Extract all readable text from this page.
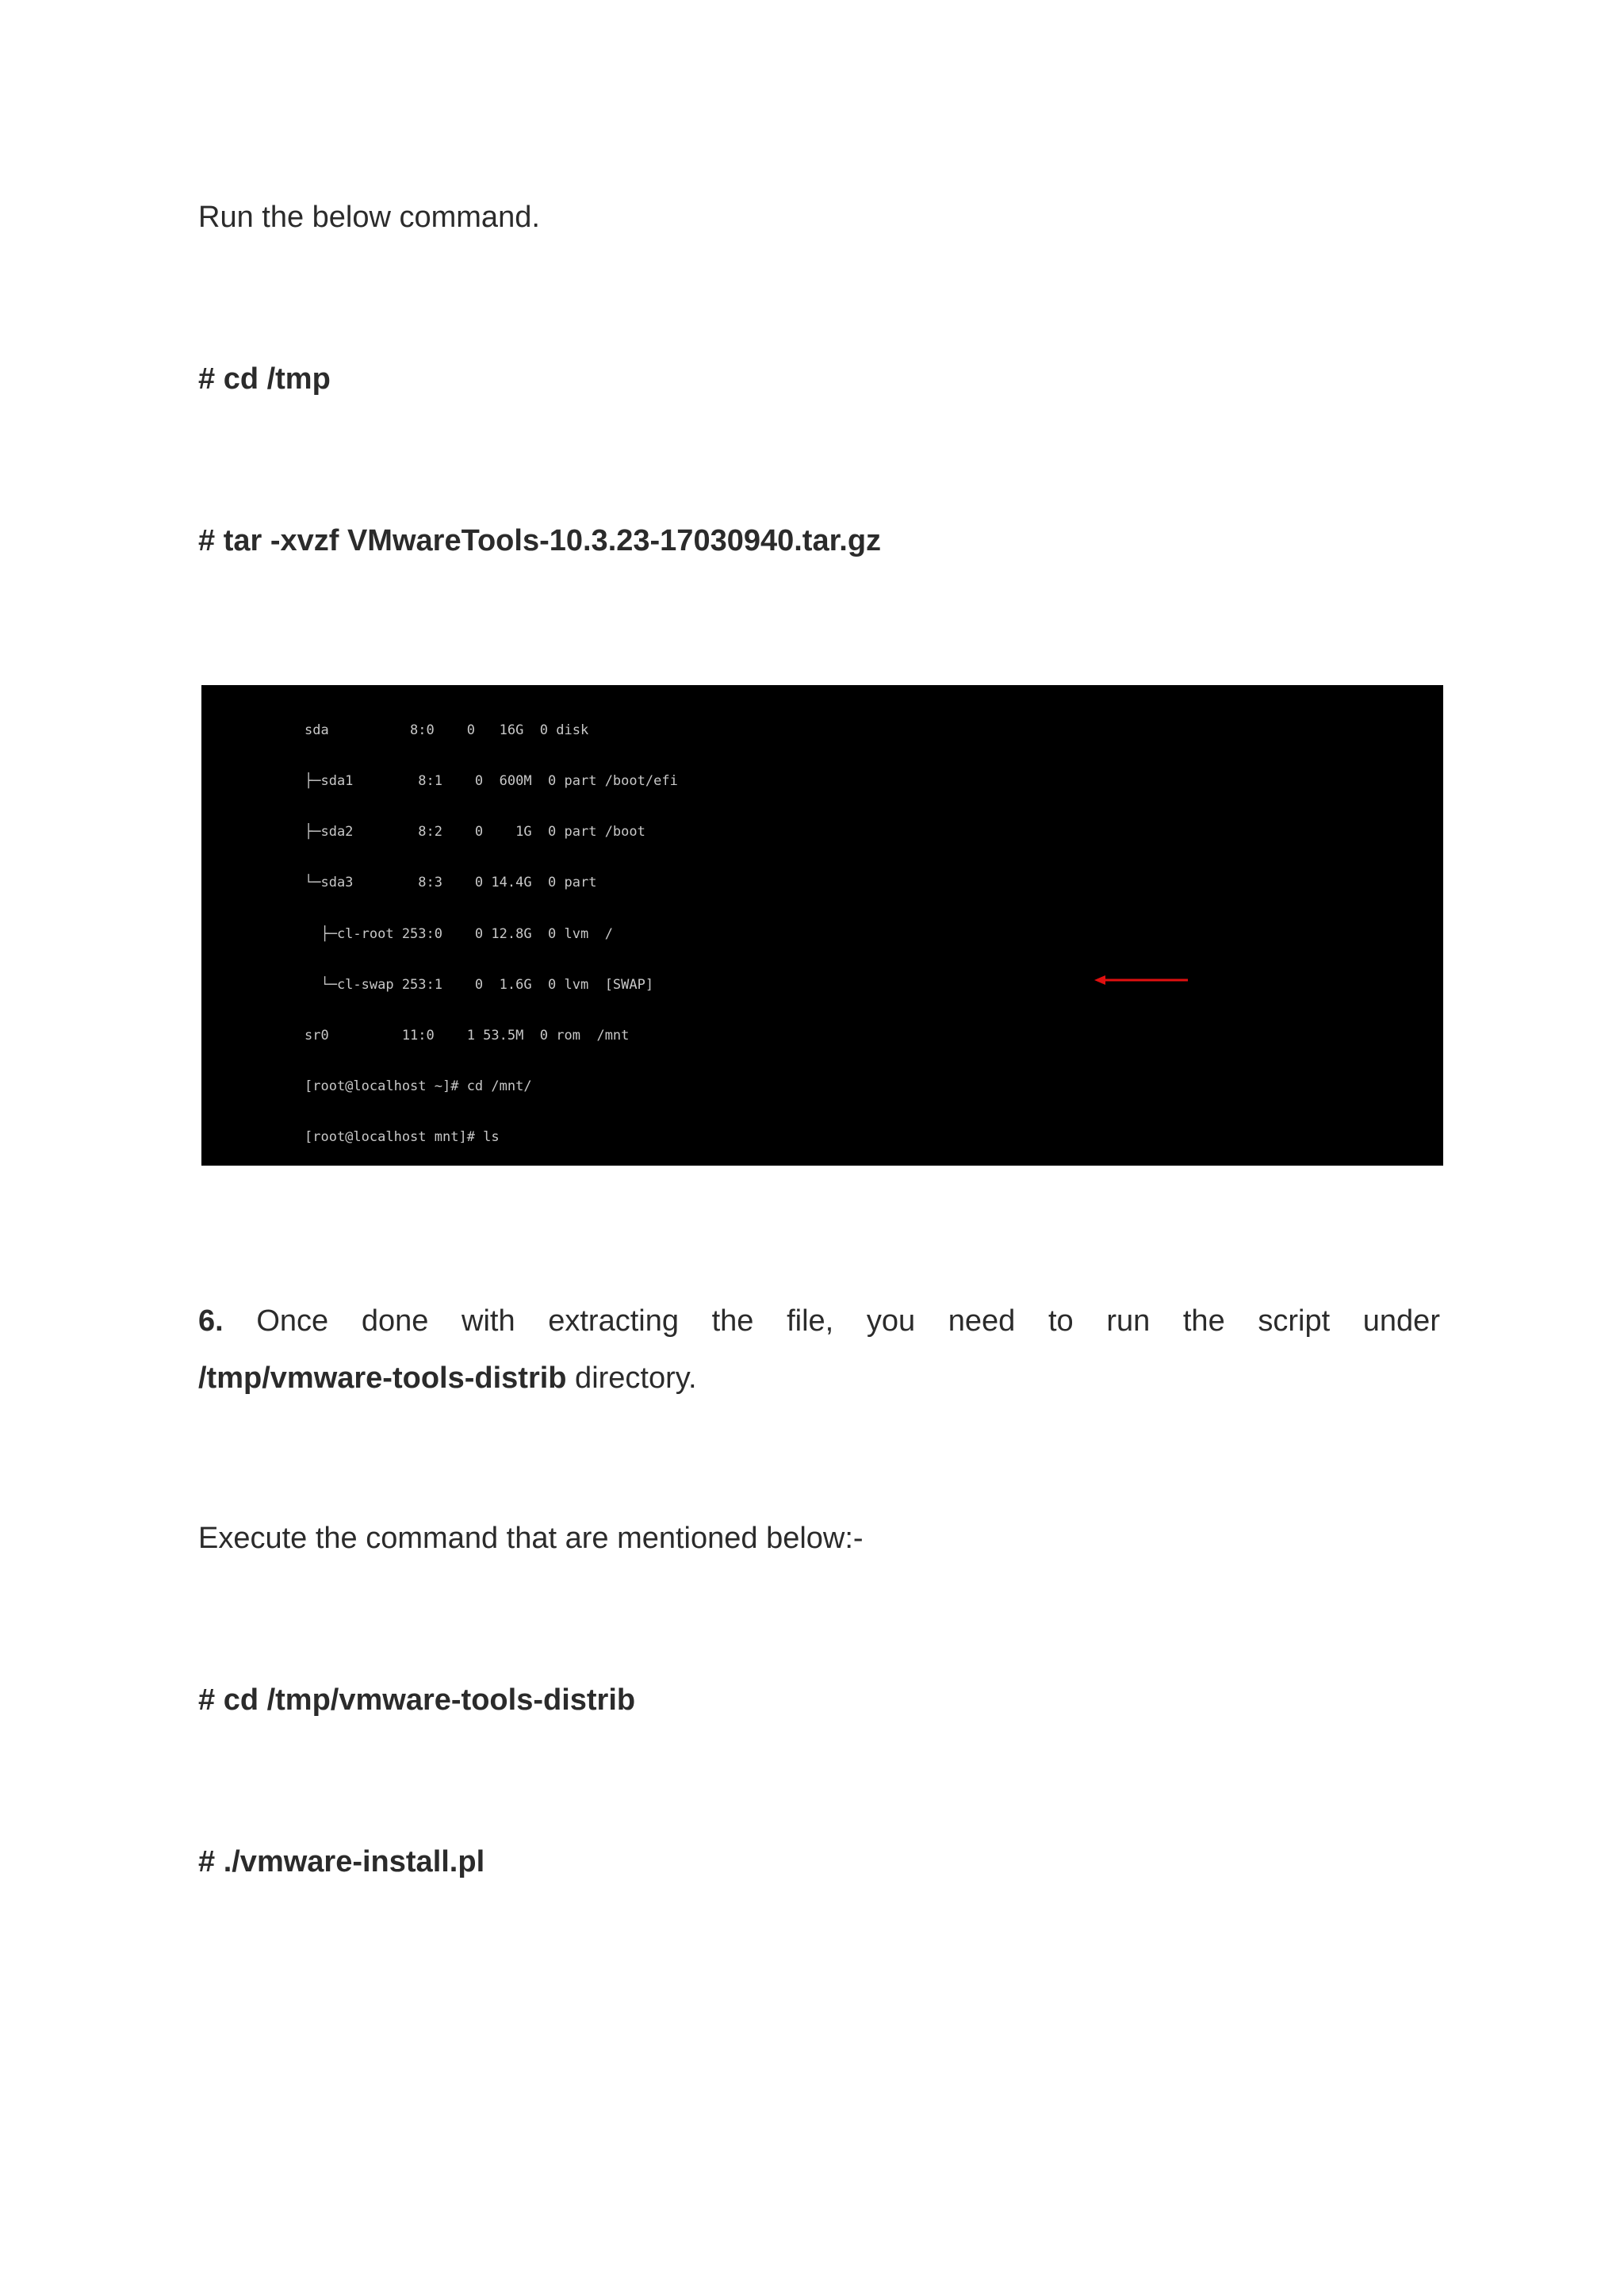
Run the below command.
# cd /tmp
# tar -xvzf VMwareTools-10.3.23-17030940.tar.gz

sda          8:0    0   16G  0 disk

├─sda1        8:1    0  600M  0 part /boot/efi

├─sda2        8:2    0    1G  0 part /boot

└─sda3        8:3    0 14.4G  0 part

├─cl-root 253:0    0 12.8G  0 lvm  /

└─cl-swap 253:1    0  1.6G  0 lvm  [SWAP]

sr0         11:0    1 53.5M  0 rom  /mnt

[root@localhost ~]# cd /mnt/

[root@localhost mnt]# ls

6. Once done with extracting the file, you need to run the script under
/tmp/vmware-tools-distrib directory.
Execute the command that are mentioned below:-
# cd /tmp/vmware-tools-distrib
# ./vmware-install.pl
